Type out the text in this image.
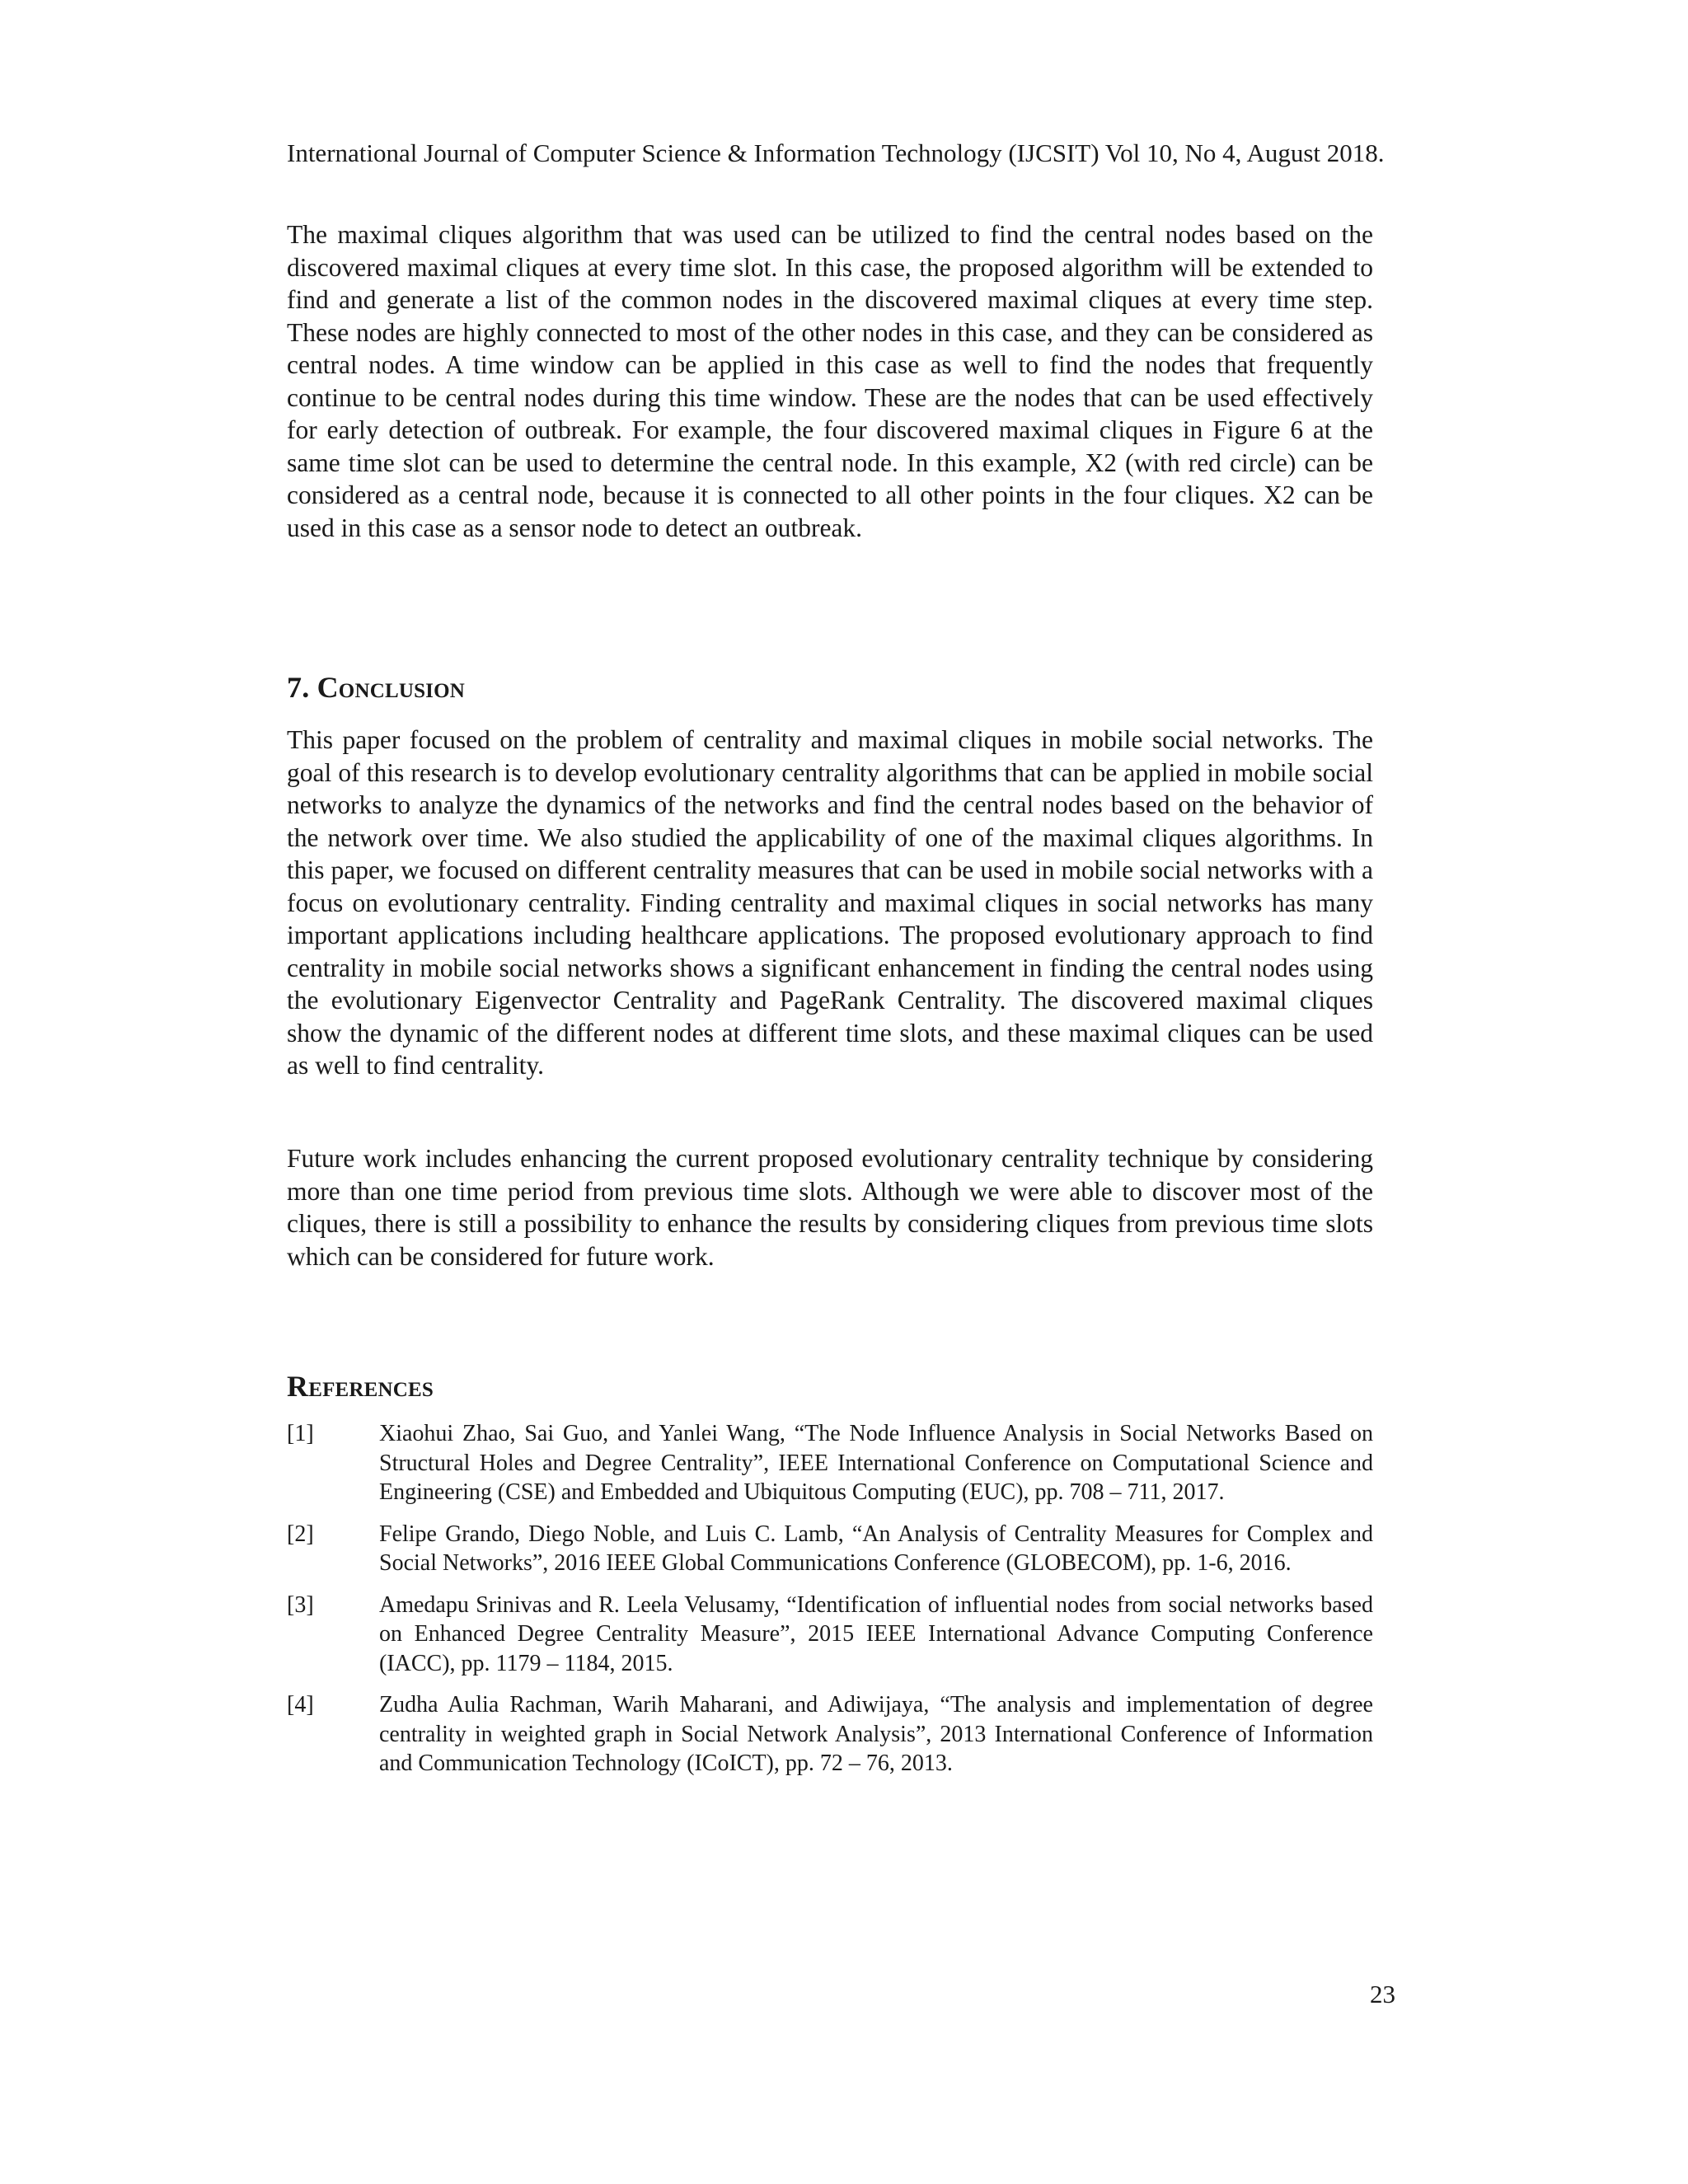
International Journal of Computer Science & Information Technology (IJCSIT) Vol 10, No 4, August 2018.

The maximal cliques algorithm that was used can be utilized to find the central nodes based on the discovered maximal cliques at every time slot. In this case, the proposed algorithm will be extended to find and generate a list of the common nodes in the discovered maximal cliques at every time step. These nodes are highly connected to most of the other nodes in this case, and they can be considered as central nodes. A time window can be applied in this case as well to find the nodes that frequently continue to be central nodes during this time window. These are the nodes that can be used effectively for early detection of outbreak. For example, the four discovered maximal cliques in Figure 6 at the same time slot can be used to determine the central node. In this example, X2 (with red circle) can be considered as a central node, because it is connected to all other points in the four cliques. X2 can be used in this case as a sensor node to detect an outbreak.

7. Conclusion

This paper focused on the problem of centrality and maximal cliques in mobile social networks. The goal of this research is to develop evolutionary centrality algorithms that can be applied in mobile social networks to analyze the dynamics of the networks and find the central nodes based on the behavior of the network over time. We also studied the applicability of one of the maximal cliques algorithms. In this paper, we focused on different centrality measures that can be used in mobile social networks with a focus on evolutionary centrality. Finding centrality and maximal cliques in social networks has many important applications including healthcare applications. The proposed evolutionary approach to find centrality in mobile social networks shows a significant enhancement in finding the central nodes using the evolutionary Eigenvector Centrality and PageRank Centrality. The discovered maximal cliques show the dynamic of the different nodes at different time slots, and these maximal cliques can be used as well to find centrality.

Future work includes enhancing the current proposed evolutionary centrality technique by considering more than one time period from previous time slots. Although we were able to discover most of the cliques, there is still a possibility to enhance the results by considering cliques from previous time slots which can be considered for future work.

References
[1]	Xiaohui Zhao, Sai Guo, and Yanlei Wang, “The Node Influence Analysis in Social Networks Based on Structural Holes and Degree Centrality”, IEEE International Conference on Computational Science and Engineering (CSE) and Embedded and Ubiquitous Computing (EUC), pp. 708 – 711, 2017.
[2]	Felipe Grando, Diego Noble, and Luis C. Lamb, “An Analysis of Centrality Measures for Complex and Social Networks”, 2016 IEEE Global Communications Conference (GLOBECOM), pp. 1-6, 2016.
[3]	Amedapu Srinivas and R. Leela Velusamy, “Identification of influential nodes from social networks based on Enhanced Degree Centrality Measure”, 2015 IEEE International Advance Computing Conference (IACC), pp. 1179 – 1184, 2015.
[4]	Zudha Aulia Rachman, Warih Maharani, and Adiwijaya, “The analysis and implementation of degree centrality in weighted graph in Social Network Analysis”, 2013 International Conference of Information and Communication Technology (ICoICT), pp. 72 – 76, 2013.
23
